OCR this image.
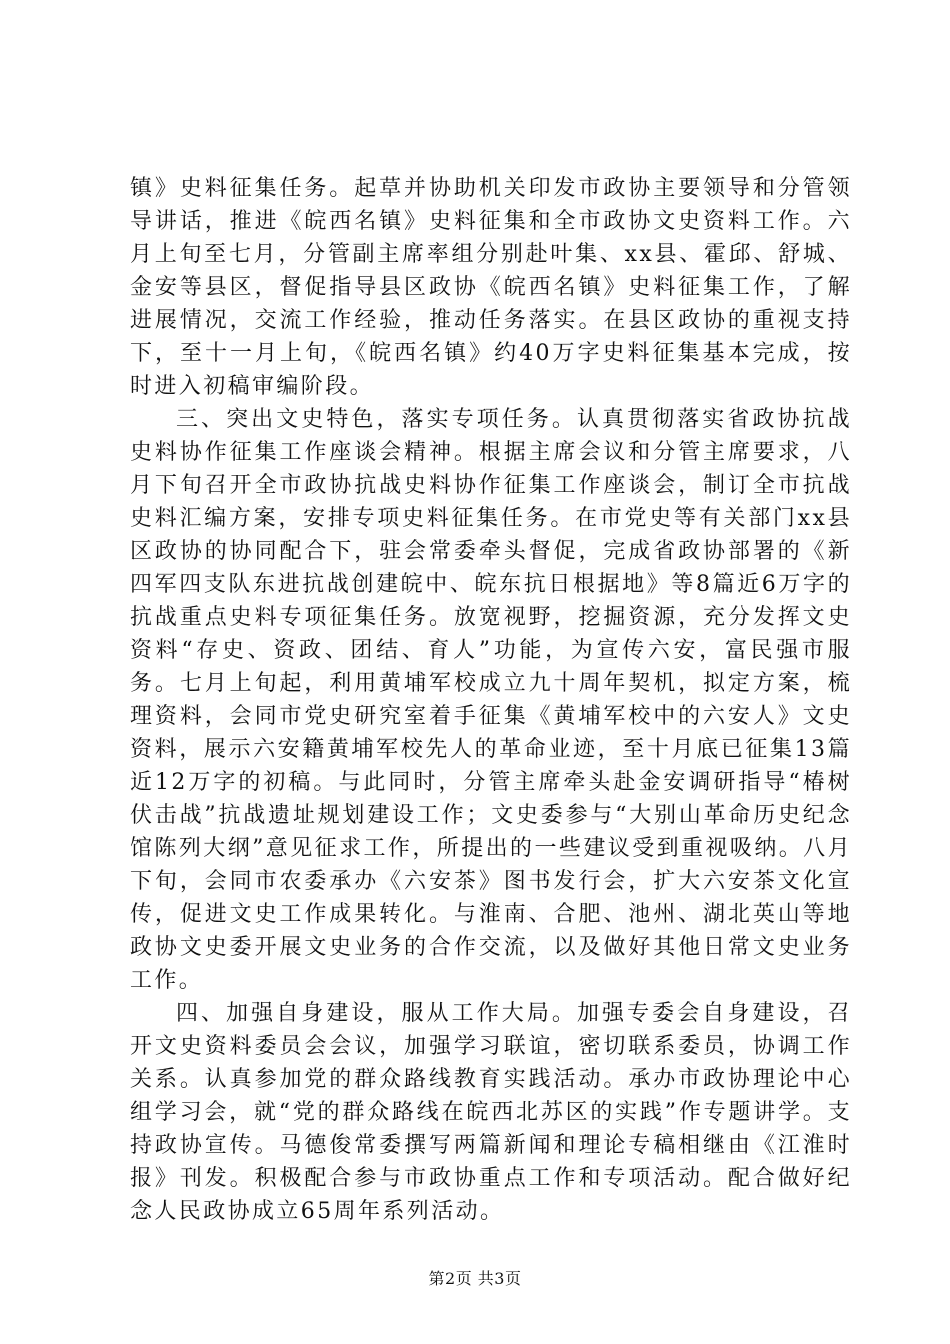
镇》史料征集任务。起草并协助机关印发市政协主要领导和分管领导讲话，推进《皖西名镇》史料征集和全市政协文史资料工作。六月上旬至七月，分管副主席率组分别赴叶集、xx县、霍邱、舒城、金安等县区，督促指导县区政协《皖西名镇》史料征集工作，了解进展情况，交流工作经验，推动任务落实。在县区政协的重视支持下，至十一月上旬，《皖西名镇》约40万字史料征集基本完成，按时进入初稿审编阶段。

三、突出文史特色，落实专项任务。认真贯彻落实省政协抗战史料协作征集工作座谈会精神。根据主席会议和分管主席要求，八月下旬召开全市政协抗战史料协作征集工作座谈会，制订全市抗战史料汇编方案，安排专项史料征集任务。在市党史等有关部门xx县区政协的协同配合下，驻会常委牵头督促，完成省政协部署的《新四军四支队东进抗战创建皖中、皖东抗日根据地》等8篇近6万字的抗战重点史料专项征集任务。放宽视野，挖掘资源，充分发挥文史资料“存史、资政、团结、育人”功能，为宣传六安，富民强市服务。七月上旬起，利用黄埔军校成立九十周年契机，拟定方案，梳理资料，会同市党史研究室着手征集《黄埔军校中的六安人》文史资料，展示六安籍黄埔军校先人的革命业迹，至十月底已征集13篇近12万字的初稿。与此同时，分管主席牵头赴金安调研指导“椿树伏击战”抗战遗址规划建设工作；文史委参与“大别山革命历史纪念馆陈列大纲”意见征求工作，所提出的一些建议受到重视吸纳。八月下旬，会同市农委承办《六安茶》图书发行会，扩大六安茶文化宣传，促进文史工作成果转化。与淮南、合肥、池州、湖北英山等地政协文史委开展文史业务的合作交流，以及做好其他日常文史业务工作。

四、加强自身建设，服从工作大局。加强专委会自身建设，召开文史资料委员会会议，加强学习联谊，密切联系委员，协调工作关系。认真参加党的群众路线教育实践活动。承办市政协理论中心组学习会，就“党的群众路线在皖西北苏区的实践”作专题讲学。支持政协宣传。马德俊常委撰写两篇新闻和理论专稿相继由《江淮时报》刊发。积极配合参与市政协重点工作和专项活动。配合做好纪念人民政协成立65周年系列活动。

第2页 共3页
